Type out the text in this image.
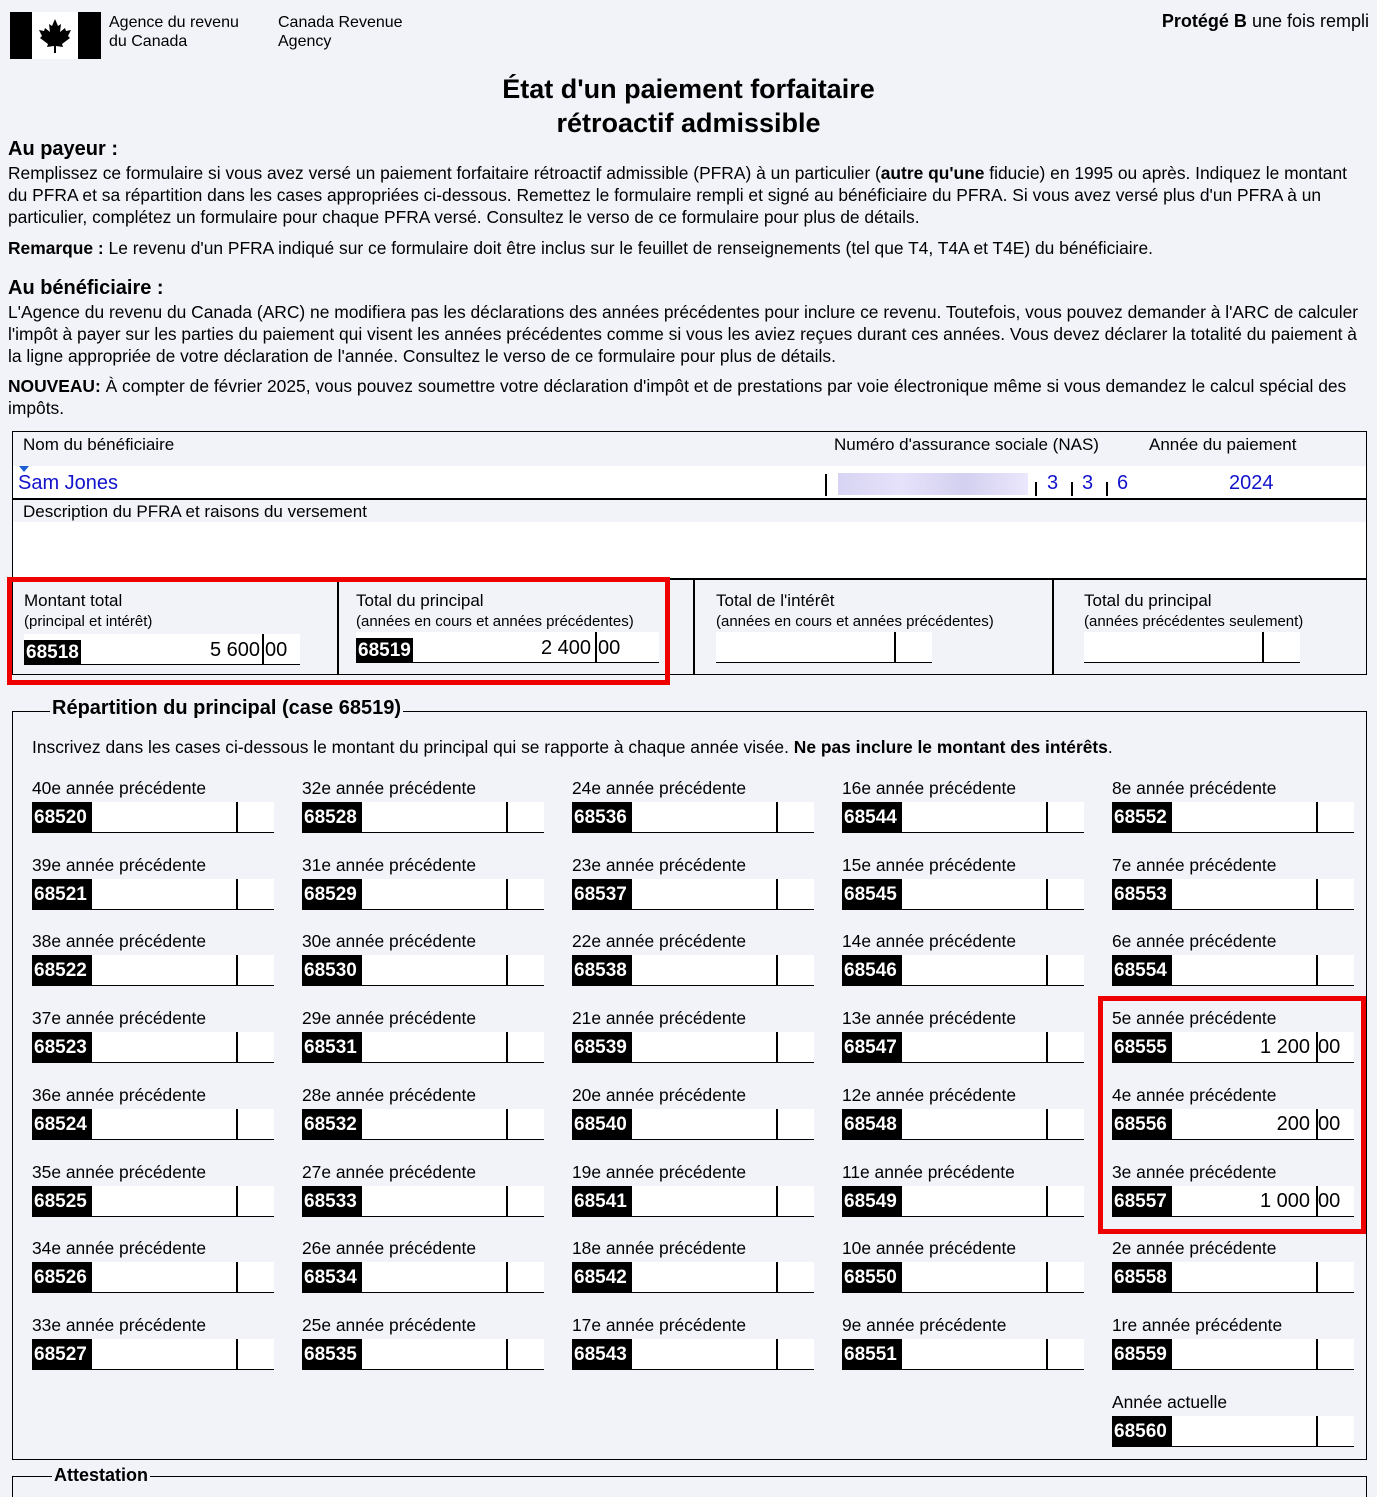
Agence du revenu
du Canada
Canada Revenue
Agency
Protégé B une fois rempli
État d'un paiement forfaitaire
rétroactif admissible
Au payeur :
Remplissez ce formulaire si vous avez versé un paiement forfaitaire rétroactif admissible (PFRA) à un particulier (autre qu'une fiducie) en 1995 ou après. Indiquez le montant du PFRA et sa répartition dans les cases appropriées ci-dessous. Remettez le formulaire rempli et signé au bénéficiaire du PFRA. Si vous avez versé plus d'un PFRA à un particulier, complétez un formulaire pour chaque PFRA versé. Consultez le verso de ce formulaire pour plus de détails.
Remarque : Le revenu d'un PFRA indiqué sur ce formulaire doit être inclus sur le feuillet de renseignements (tel que T4, T4A et T4E) du bénéficiaire.
Au bénéficiaire :
L'Agence du revenu du Canada (ARC) ne modifiera pas les déclarations des années précédentes pour inclure ce revenu. Toutefois, vous pouvez demander à l'ARC de calculer l'impôt à payer sur les parties du paiement qui visent les années précédentes comme si vous les aviez reçues durant ces années. Vous devez déclarer la totalité du paiement à la ligne appropriée de votre déclaration de l'année. Consultez le verso de ce formulaire pour plus de détails.
NOUVEAU: À compter de février 2025, vous pouvez soumettre votre déclaration d'impôt et de prestations par voie électronique même si vous demandez le calcul spécial des impôts.
Nom du bénéficiaire	Numéro d'assurance sociale (NAS)	Année du paiement
Sam Jones	3 3 6	2024
Description du PFRA et raisons du versement
Montant total
(principal et intérêt)
68518	5 600 00
Total du principal
(années en cours et années précédentes)
68519	2 400 00
Total de l'intérêt
(années en cours et années précédentes)
Total du principal
(années précédentes seulement)
Répartition du principal (case 68519)
Inscrivez dans les cases ci-dessous le montant du principal qui se rapporte à chaque année visée. Ne pas inclure le montant des intérêts.
40e année précédente
68520
39e année précédente
68521
38e année précédente
68522
37e année précédente
68523
36e année précédente
68524
35e année précédente
68525
34e année précédente
68526
33e année précédente
68527
32e année précédente
68528
31e année précédente
68529
30e année précédente
68530
29e année précédente
68531
28e année précédente
68532
27e année précédente
68533
26e année précédente
68534
25e année précédente
68535
24e année précédente
68536
23e année précédente
68537
22e année précédente
68538
21e année précédente
68539
20e année précédente
68540
19e année précédente
68541
18e année précédente
68542
17e année précédente
68543
16e année précédente
68544
15e année précédente
68545
14e année précédente
68546
13e année précédente
68547
12e année précédente
68548
11e année précédente
68549
10e année précédente
68550
9e année précédente
68551
8e année précédente
68552
7e année précédente
68553
6e année précédente
68554
5e année précédente
68555	1 200 00
4e année précédente
68556	200 00
3e année précédente
68557	1 000 00
2e année précédente
68558
1re année précédente
68559
Année actuelle
68560
Attestation
